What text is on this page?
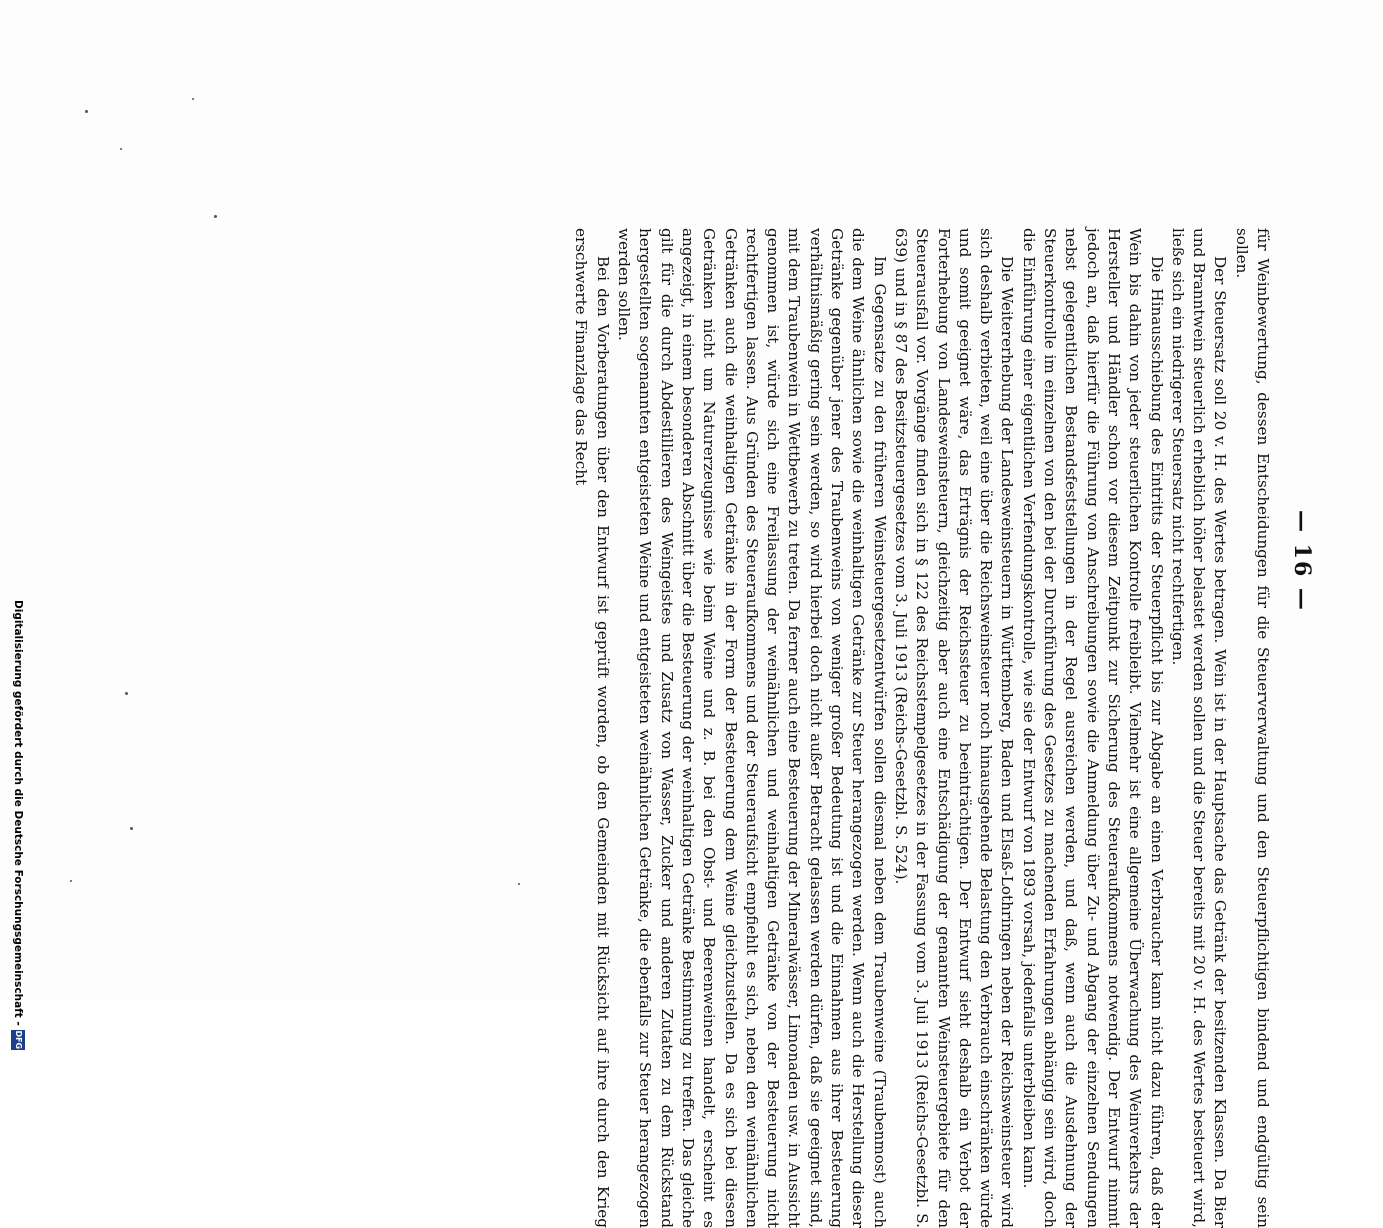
— 16 —

für Weinbewertung, dessen Entscheidungen für die Steuerverwaltung und den Steuerpflichtigen bindend und endgültig sein sollen.

Der Steuersatz soll 20 v. H. des Wertes betragen. Wein ist in der Hauptsache das Getränk der besitzenden Klassen. Da Bier und Branntwein steuerlich erheblich höher belastet werden sollen und die Steuer bereits mit 20 v. H. des Wertes besteuert wird, ließe sich ein niedrigerer Steuersatz nicht rechtfertigen.

Die Hinausschiebung des Eintritts der Steuerpflicht bis zur Abgabe an einen Verbraucher kann nicht dazu führen, daß der Wein bis dahin von jeder steuerlichen Kontrolle freibleibt. Vielmehr ist eine allgemeine Überwachung des Weinverkehrs der Hersteller und Händler schon vor diesem Zeitpunkt zur Sicherung des Steueraufkommens notwendig. Der Entwurf nimmt jedoch an, daß hierfür die Führung von Anschreibungen sowie die Anmeldung über Zu- und Abgang der einzelnen Sendungen nebst gelegentlichen Bestandsfeststellungen in der Regel ausreichen werden, und daß, wenn auch die Ausdehnung der Steuerkontrolle im einzelnen von den bei der Durchführung des Gesetzes zu machenden Erfahrungen abhängig sein wird, doch die Einführung einer eigentlichen Verfendungskontrolle, wie sie der Entwurf von 1893 vorsah, jedenfalls unterbleiben kann.

Die Weitererhebung der Landesweinsteuern in Württemberg, Baden und Elsaß-Lothringen neben der Reichsweinsteuer wird sich deshalb verbieten, weil eine über die Reichsweinsteuer noch hinausgehende Belastung den Verbrauch einschränken würde und somit geeignet wäre, das Erträgnis der Reichssteuer zu beeinträchtigen. Der Entwurf sieht deshalb ein Verbot der Forterhebung von Landesweinsteuern, gleichzeitig aber auch eine Entschädigung der genannten Weinsteuergebiete für den Steuerausfall vor. Vorgänge finden sich in § 122 des Reichsstempelgesetzes in der Fassung vom 3. Juli 1913 (Reichs-Gesetzbl. S. 639) und in § 87 des Besitzsteuergesetzes vom 3. Juli 1913 (Reichs-Gesetzbl. S. 524).

Im Gegensatze zu den früheren Weinsteuergesetzentwürfen sollen diesmal neben dem Traubenweine (Traubenmost) auch die dem Weine ähnlichen sowie die weinhaltigen Getränke zur Steuer herangezogen werden. Wenn auch die Herstellung dieser Getränke gegenüber jener des Traubenweins von weniger großer Bedeutung ist und die Einnahmen aus ihrer Besteuerung verhältnismäßig gering sein werden, so wird hierbei doch nicht außer Betracht gelassen werden dürfen, daß sie geeignet sind, mit dem Traubenwein in Wettbewerb zu treten. Da ferner auch eine Besteuerung der Mineralwässer, Limonaden usw. in Aussicht genommen ist, würde sich eine Freilassung der weinähnlichen und weinhaltigen Getränke von der Besteuerung nicht rechtfertigen lassen. Aus Gründen des Steueraufkommens und der Steueraufsicht empfiehlt es sich, neben den weinähnlichen Getränken auch die weinhaltigen Getränke in der Form der Besteuerung dem Weine gleichzustellen. Da es sich bei diesen Getränken nicht um Naturerzeugnisse wie beim Weine und z. B. bei den Obst- und Beerenweinen handelt, erscheint es angezeigt, in einem besonderen Abschnitt über die Besteuerung der weinhaltigen Getränke Bestimmung zu treffen. Das gleiche gilt für die durch Abdestillieren des Weingeistes und Zusatz von Wasser, Zucker und anderen Zutaten zu dem Rückstand hergestellten sogenannten entgeisteten Weine und entgeisteten weinähnlichen Getränke, die ebenfalls zur Steuer herangezogen werden sollen.

Bei den Vorberatungen über den Entwurf ist geprüft worden, ob den Gemeinden mit Rücksicht auf ihre durch den Krieg erschwerte Finanzlage das Recht

Digitalisierung gefördert durch die Deutsche Forschungsgemeinschaft -
DFG
